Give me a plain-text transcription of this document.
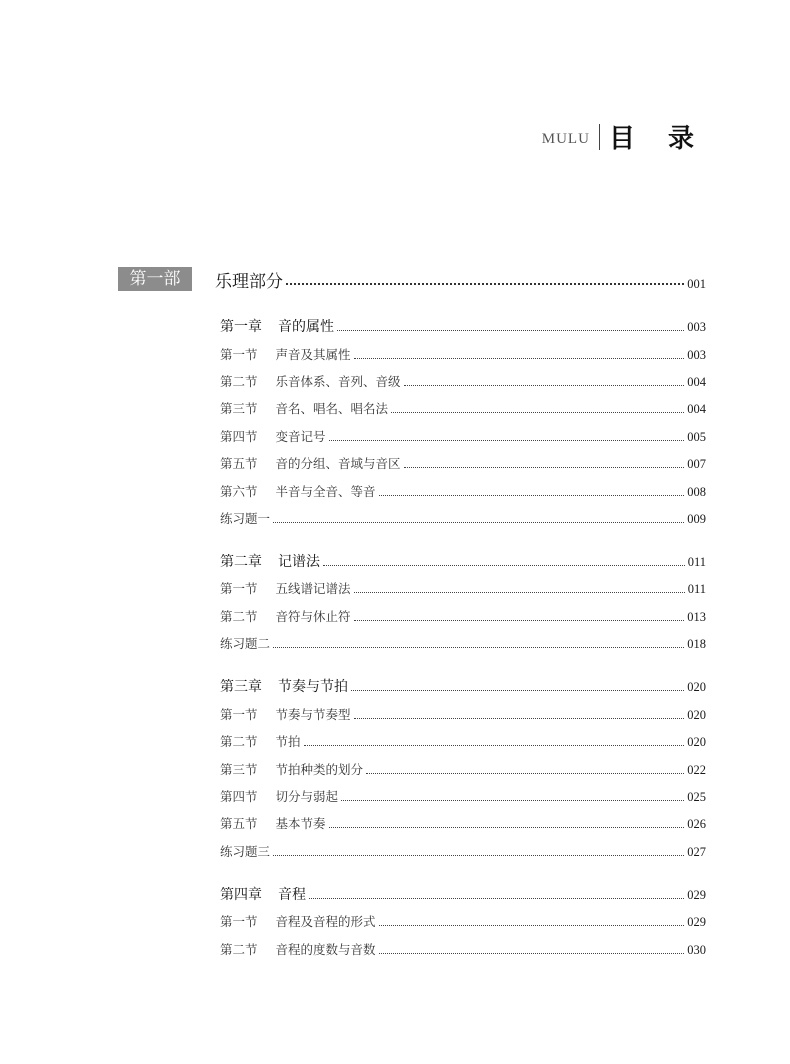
MULU 目 录
第一部分
乐理部分	001
第一章 音的属性	003
第一节 声音及其属性	003
第二节 乐音体系、音列、音级	004
第三节 音名、唱名、唱名法	004
第四节 变音记号	005
第五节 音的分组、音域与音区	007
第六节 半音与全音、等音	008
练习题一	009
第二章 记谱法	011
第一节 五线谱记谱法	011
第二节 音符与休止符	013
练习题二	018
第三章 节奏与节拍	020
第一节 节奏与节奏型	020
第二节 节拍	020
第三节 节拍种类的划分	022
第四节 切分与弱起	025
第五节 基本节奏	026
练习题三	027
第四章 音程	029
第一节 音程及音程的形式	029
第二节 音程的度数与音数	030
